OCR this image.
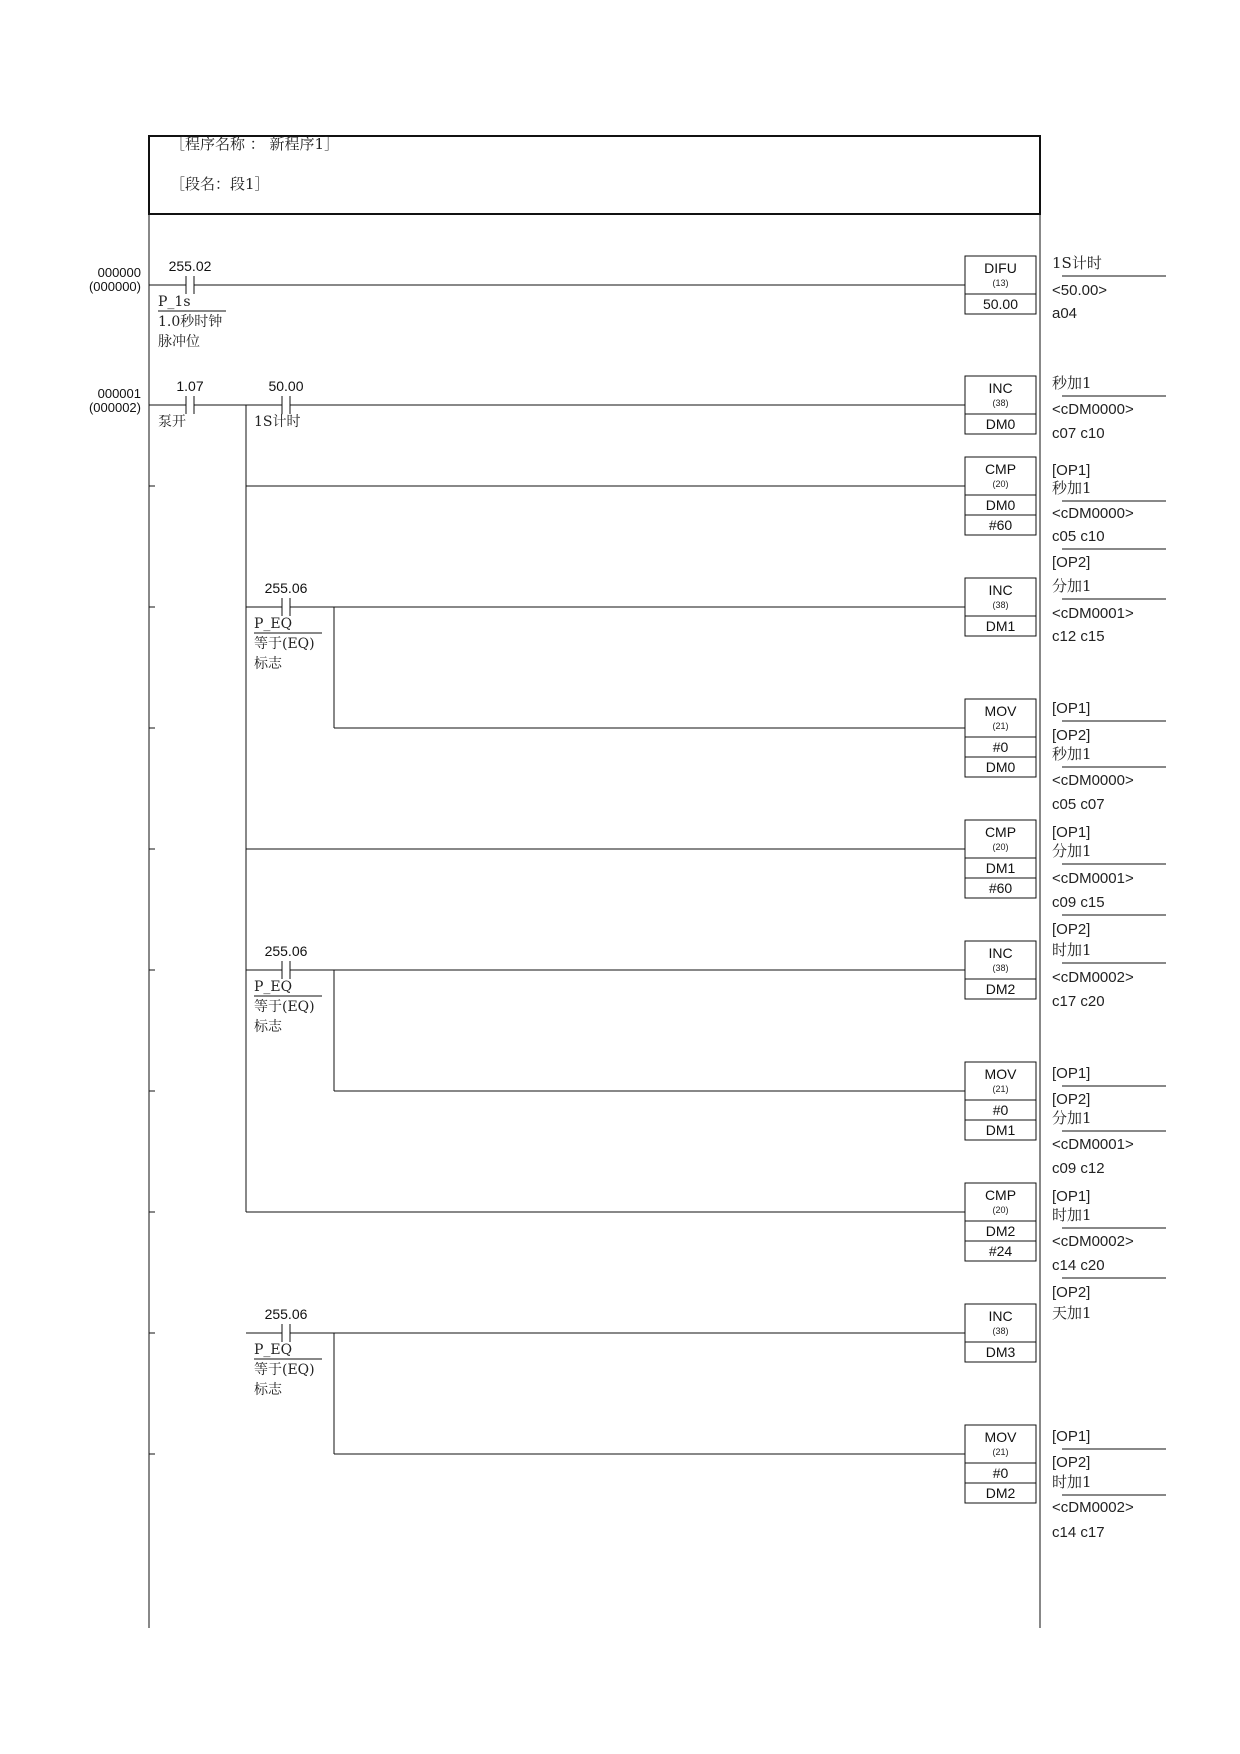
［程序名称 ： 新程序1］
［段名：段1］
000000
(000000)
000001
(000002)
255.02
P_1s
1.0秒时钟
脉冲位
1.07
泵开
50.00
1S计时
255.06
P_EQ
等于(EQ)
标志
255.06
P_EQ
等于(EQ)
标志
255.06
P_EQ
等于(EQ)
标志
DIFU
(13)
50.00
INC
(38)
DM0
CMP
(20)
DM0
#60
INC
(38)
DM1
MOV
(21)
#0
DM0
CMP
(20)
DM1
#60
INC
(38)
DM2
MOV
(21)
#0
DM1
CMP
(20)
DM2
#24
INC
(38)
DM3
MOV
(21)
#0
DM2
1S计时
<50.00>
a04
秒加1
<cDM0000>
c07 c10
[OP1]
秒加1
<cDM0000>
c05 c10
[OP2]
分加1
<cDM0001>
c12 c15
[OP1]
[OP2]
秒加1
<cDM0000>
c05 c07
[OP1]
分加1
<cDM0001>
c09 c15
[OP2]
时加1
<cDM0002>
c17 c20
[OP1]
[OP2]
分加1
<cDM0001>
c09 c12
[OP1]
时加1
<cDM0002>
c14 c20
[OP2]
天加1
[OP1]
[OP2]
时加1
<cDM0002>
c14 c17
